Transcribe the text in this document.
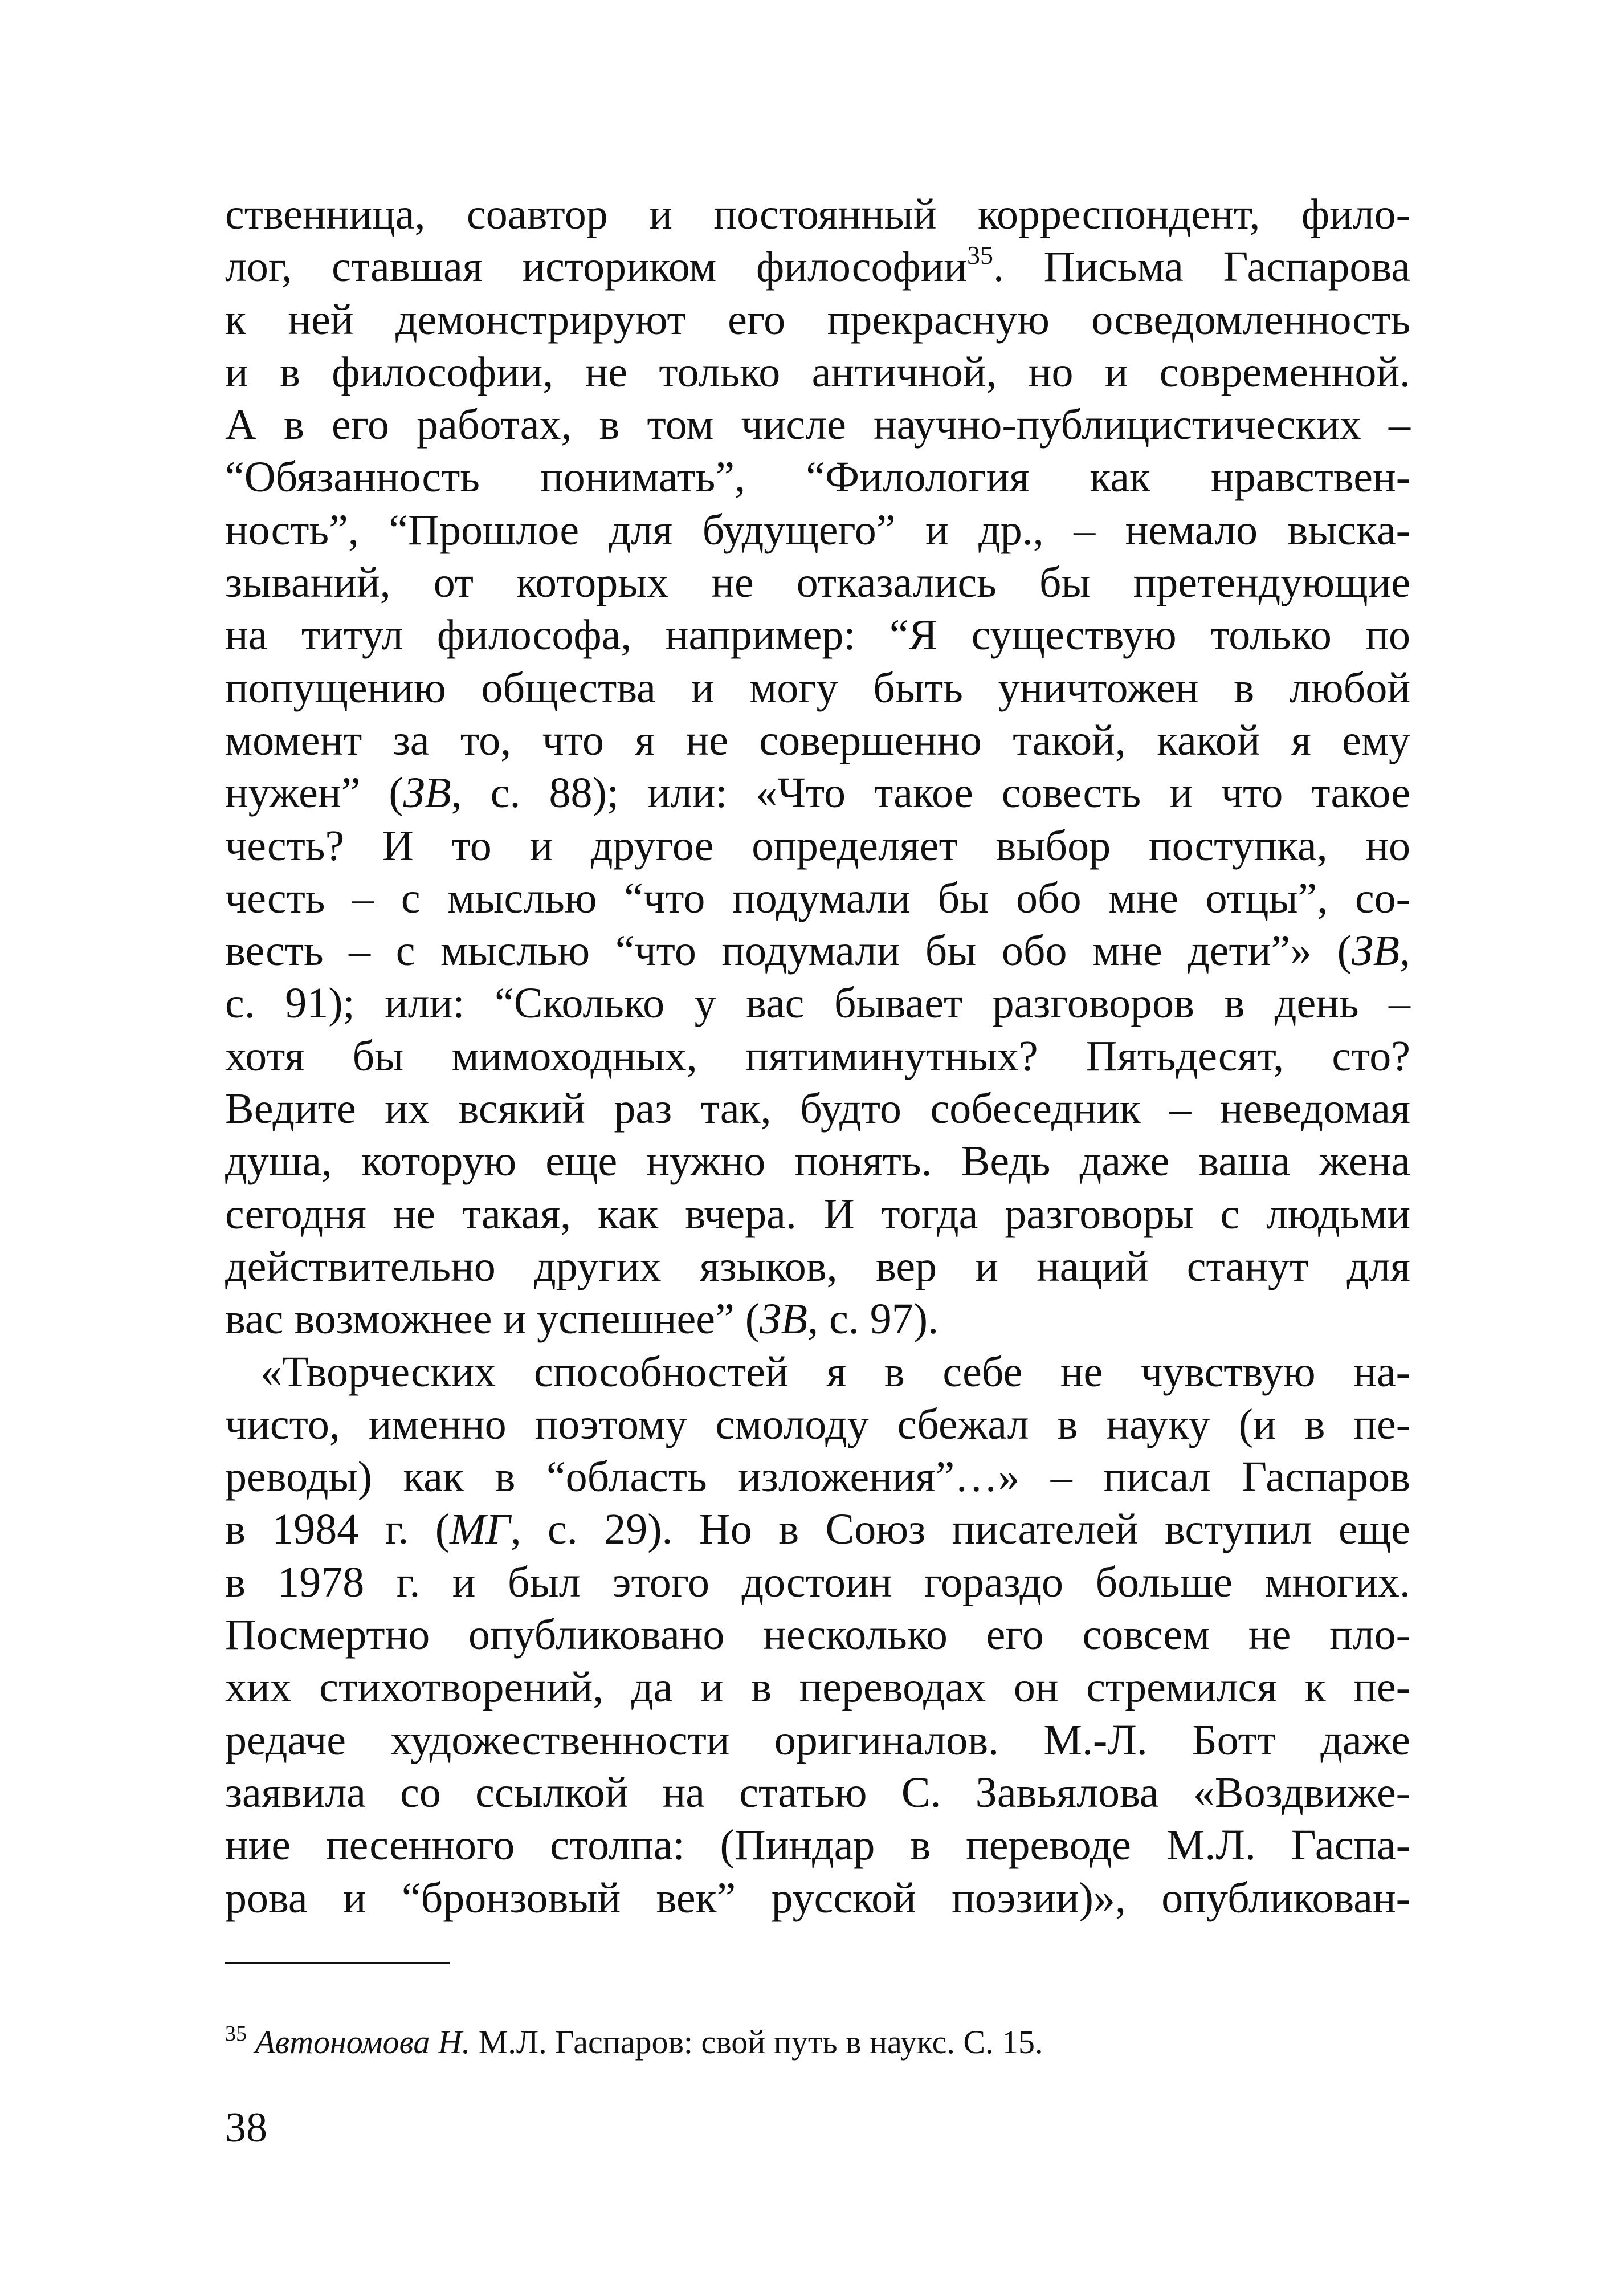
ственница, соавтор и постоянный корреспондент, фило-
лог, ставшая историком философии$^{35}$. Письма Гаспарова
к ней демонстрируют его прекрасную осведомленность
и в философии, не только античной, но и современной.
А в его работах, в том числе научно-публицистических –
“Обязанность понимать”, “Филология как нравствен-
ность”, “Прошлое для будущего” и др., – немало выска-
зываний, от которых не отказались бы претендующие
на титул философа, например: “Я существую только по
попущению общества и могу быть уничтожен в любой
момент за то, что я не совершенно такой, какой я ему
нужен” (ЗВ, с. 88); или: «Что такое совесть и что такое
честь? И то и другое определяет выбор поступка, но
честь – с мыслью “что подумали бы обо мне отцы”, со-
весть – с мыслью “что подумали бы обо мне дети”» (ЗВ,
с. 91); или: “Сколько у вас бывает разговоров в день –
хотя бы мимоходных, пятиминутных? Пятьдесят, сто?
Ведите их всякий раз так, будто собеседник – неведомая
душа, которую еще нужно понять. Ведь даже ваша жена
сегодня не такая, как вчера. И тогда разговоры с людьми
действительно других языков, вер и наций станут для
вас возможнее и успешнее” (ЗВ, с. 97).
«Творческих способностей я в себе не чувствую на-
чисто, именно поэтому смолоду сбежал в науку (и в пе-
реводы) как в “область изложения”…» – писал Гаспаров
в 1984 г. (МГ, с. 29). Но в Союз писателей вступил еще
в 1978 г. и был этого достоин гораздо больше многих.
Посмертно опубликовано несколько его совсем не пло-
хих стихотворений, да и в переводах он стремился к пе-
редаче художественности оригиналов. М.-Л. Ботт даже
заявила со ссылкой на статью С. Завьялова «Воздвиже-
ние песенного столпа: (Пиндар в переводе М.Л. Гаспа-
рова и “бронзовый век” русской поэзии)», опубликован-
$^{35}$ Автономова Н. М.Л. Гаспаров: свой путь в наукс. С. 15.
38
